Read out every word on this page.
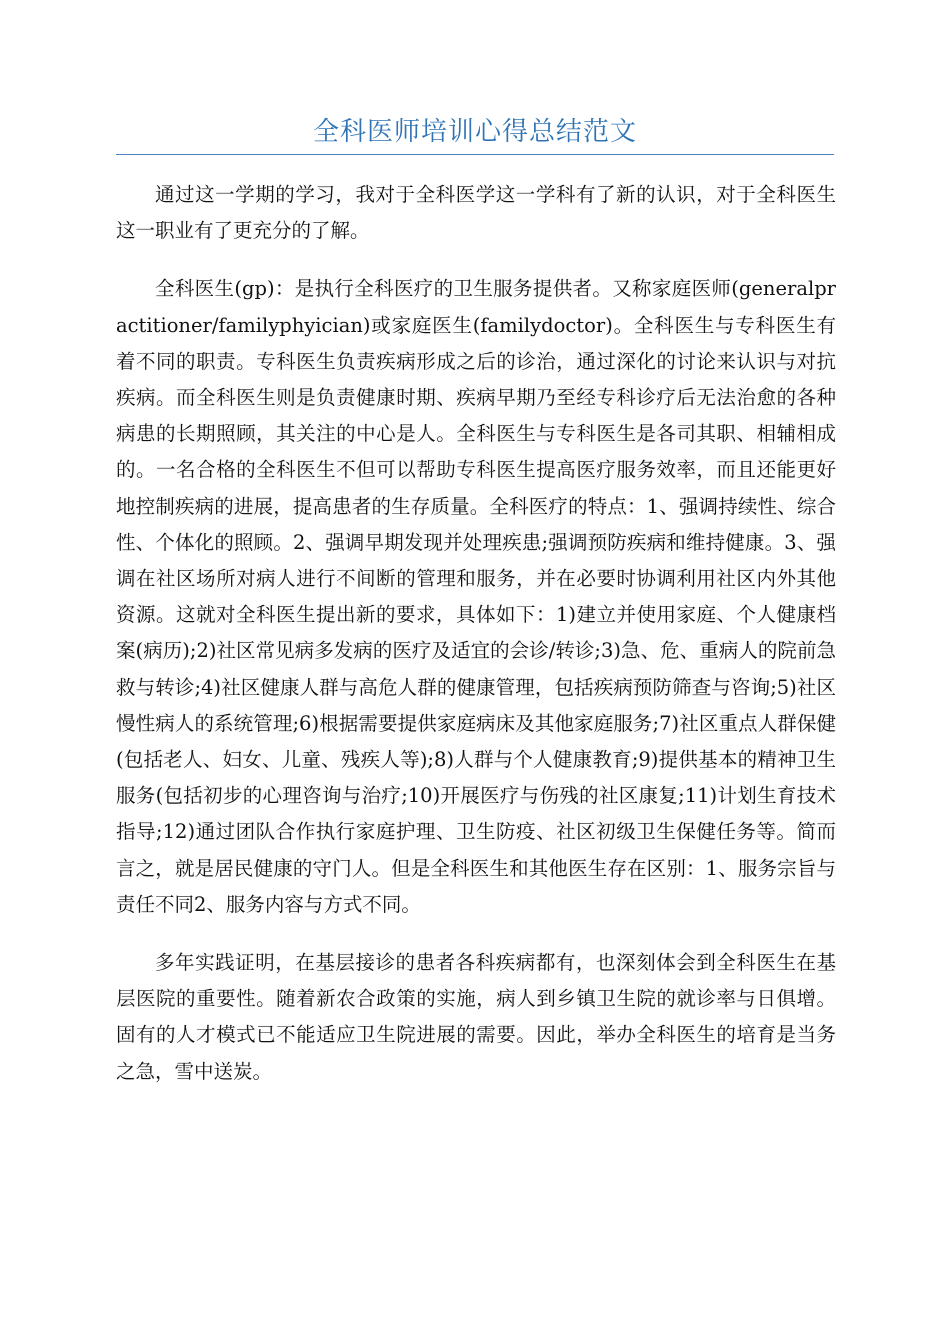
全科医师培训心得总结范文

通过这一学期的学习，我对于全科医学这一学科有了新的认识，对于全科医生这一职业有了更充分的了解。

全科医生(gp)：是执行全科医疗的卫生服务提供者。又称家庭医师(generalpractitioner/familyphyician)或家庭医生(familydoctor)。全科医生与专科医生有着不同的职责。专科医生负责疾病形成之后的诊治，通过深化的讨论来认识与对抗疾病。而全科医生则是负责健康时期、疾病早期乃至经专科诊疗后无法治愈的各种病患的长期照顾，其关注的中心是人。全科医生与专科医生是各司其职、相辅相成的。一名合格的全科医生不但可以帮助专科医生提高医疗服务效率，而且还能更好地控制疾病的进展，提高患者的生存质量。全科医疗的特点：1、强调持续性、综合性、个体化的照顾。2、强调早期发现并处理疾患;强调预防疾病和维持健康。3、强调在社区场所对病人进行不间断的管理和服务，并在必要时协调利用社区内外其他资源。这就对全科医生提出新的要求，具体如下：1)建立并使用家庭、个人健康档案(病历);2)社区常见病多发病的医疗及适宜的会诊/转诊;3)急、危、重病人的院前急救与转诊;4)社区健康人群与高危人群的健康管理，包括疾病预防筛查与咨询;5)社区慢性病人的系统管理;6)根据需要提供家庭病床及其他家庭服务;7)社区重点人群保健(包括老人、妇女、儿童、残疾人等);8)人群与个人健康教育;9)提供基本的精神卫生服务(包括初步的心理咨询与治疗;10)开展医疗与伤残的社区康复;11)计划生育技术指导;12)通过团队合作执行家庭护理、卫生防疫、社区初级卫生保健任务等。简而言之，就是居民健康的守门人。但是全科医生和其他医生存在区别：1、服务宗旨与责任不同2、服务内容与方式不同。

多年实践证明，在基层接诊的患者各科疾病都有，也深刻体会到全科医生在基层医院的重要性。随着新农合政策的实施，病人到乡镇卫生院的就诊率与日俱增。固有的人才模式已不能适应卫生院进展的需要。因此，举办全科医生的培育是当务之急，雪中送炭。
